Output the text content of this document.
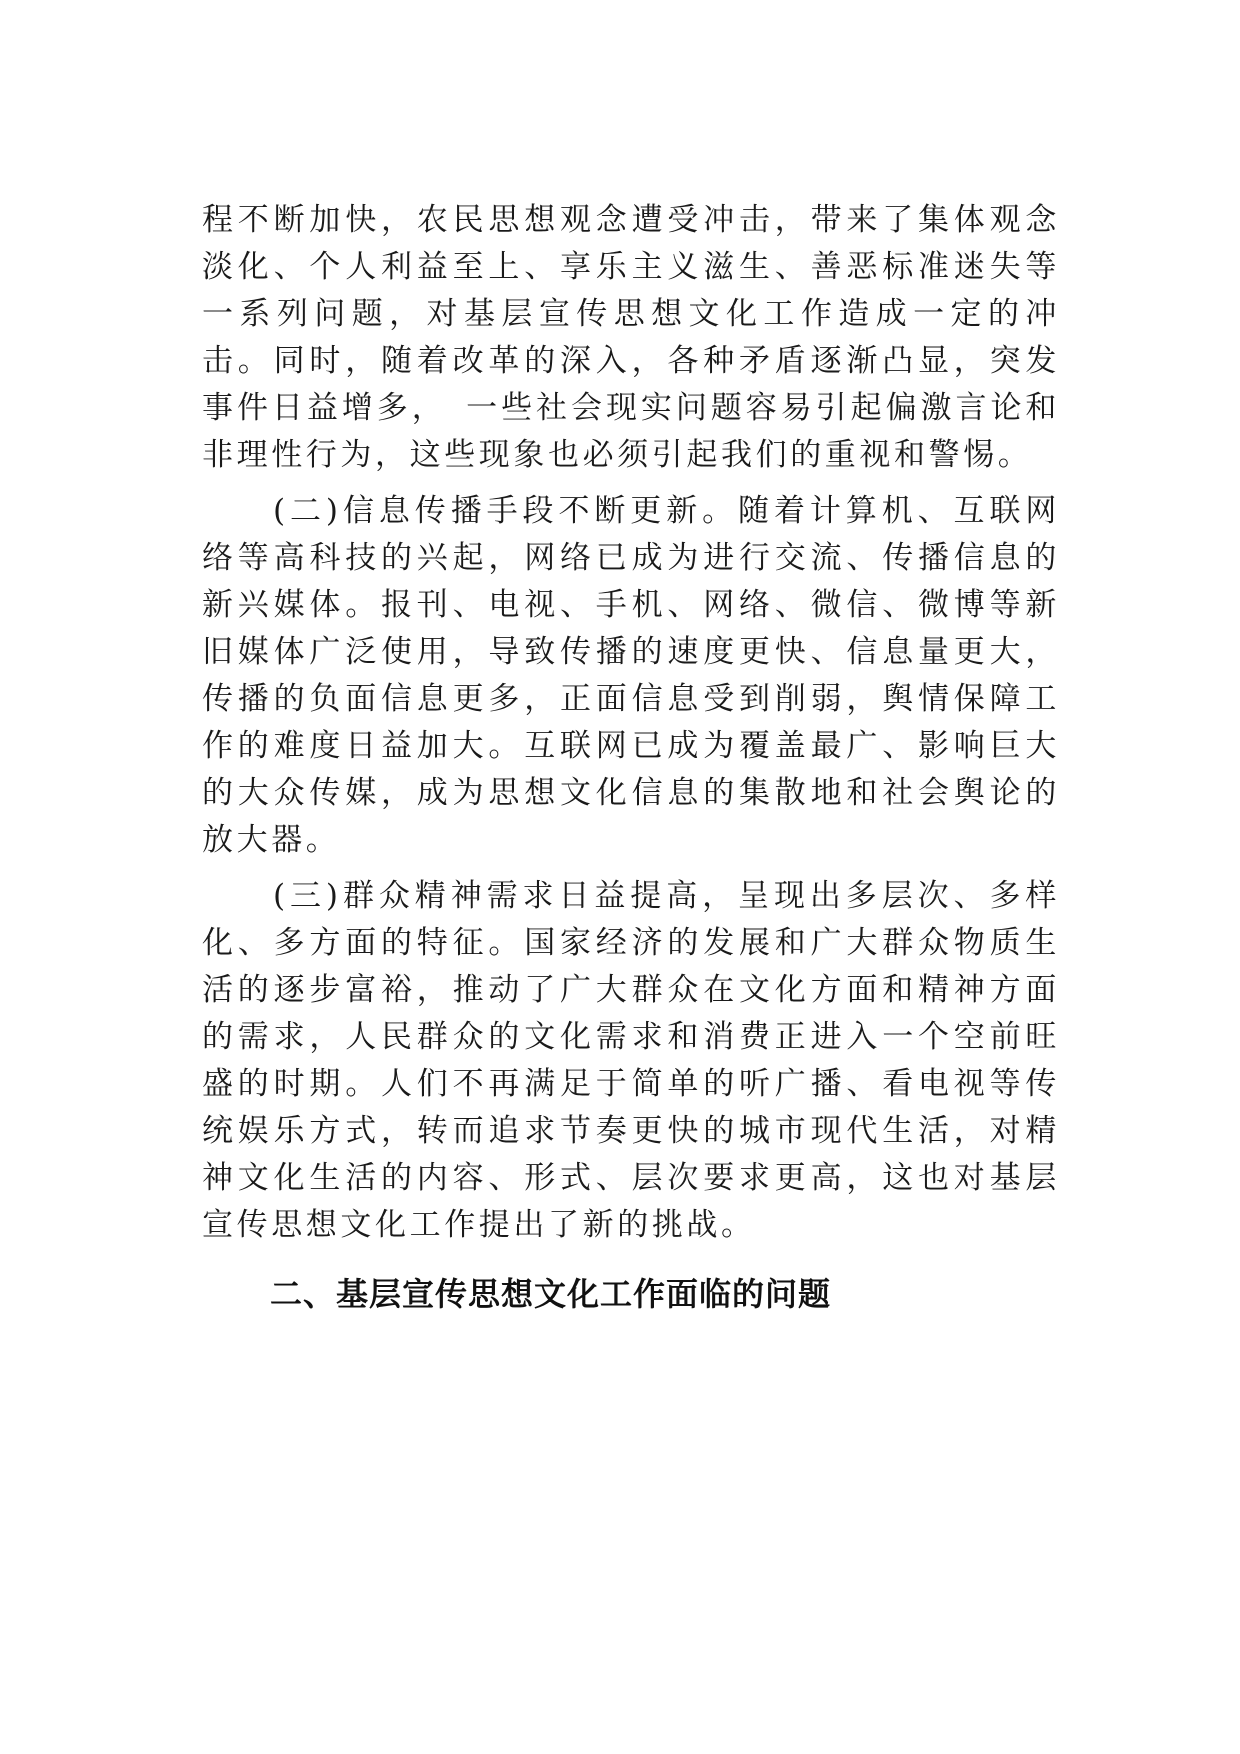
程不断加快，农民思想观念遭受冲击，带来了集体观念淡化、个人利益至上、享乐主义滋生、善恶标准迷失等一系列问题，对基层宣传思想文化工作造成一定的冲击。同时，随着改革的深入，各种矛盾逐渐凸显，突发事件日益增多，　一些社会现实问题容易引起偏激言论和非理性行为，这些现象也必须引起我们的重视和警惕。

(二)信息传播手段不断更新。随着计算机、互联网络等高科技的兴起，网络已成为进行交流、传播信息的新兴媒体。报刊、电视、手机、网络、微信、微博等新旧媒体广泛使用，导致传播的速度更快、信息量更大，传播的负面信息更多，正面信息受到削弱，舆情保障工作的难度日益加大。互联网已成为覆盖最广、影响巨大的大众传媒，成为思想文化信息的集散地和社会舆论的放大器。

(三)群众精神需求日益提高，呈现出多层次、多样化、多方面的特征。国家经济的发展和广大群众物质生活的逐步富裕，推动了广大群众在文化方面和精神方面的需求，人民群众的文化需求和消费正进入一个空前旺盛的时期。人们不再满足于简单的听广播、看电视等传统娱乐方式，转而追求节奏更快的城市现代生活，对精神文化生活的内容、形式、层次要求更高，这也对基层宣传思想文化工作提出了新的挑战。

二、基层宣传思想文化工作面临的问题
